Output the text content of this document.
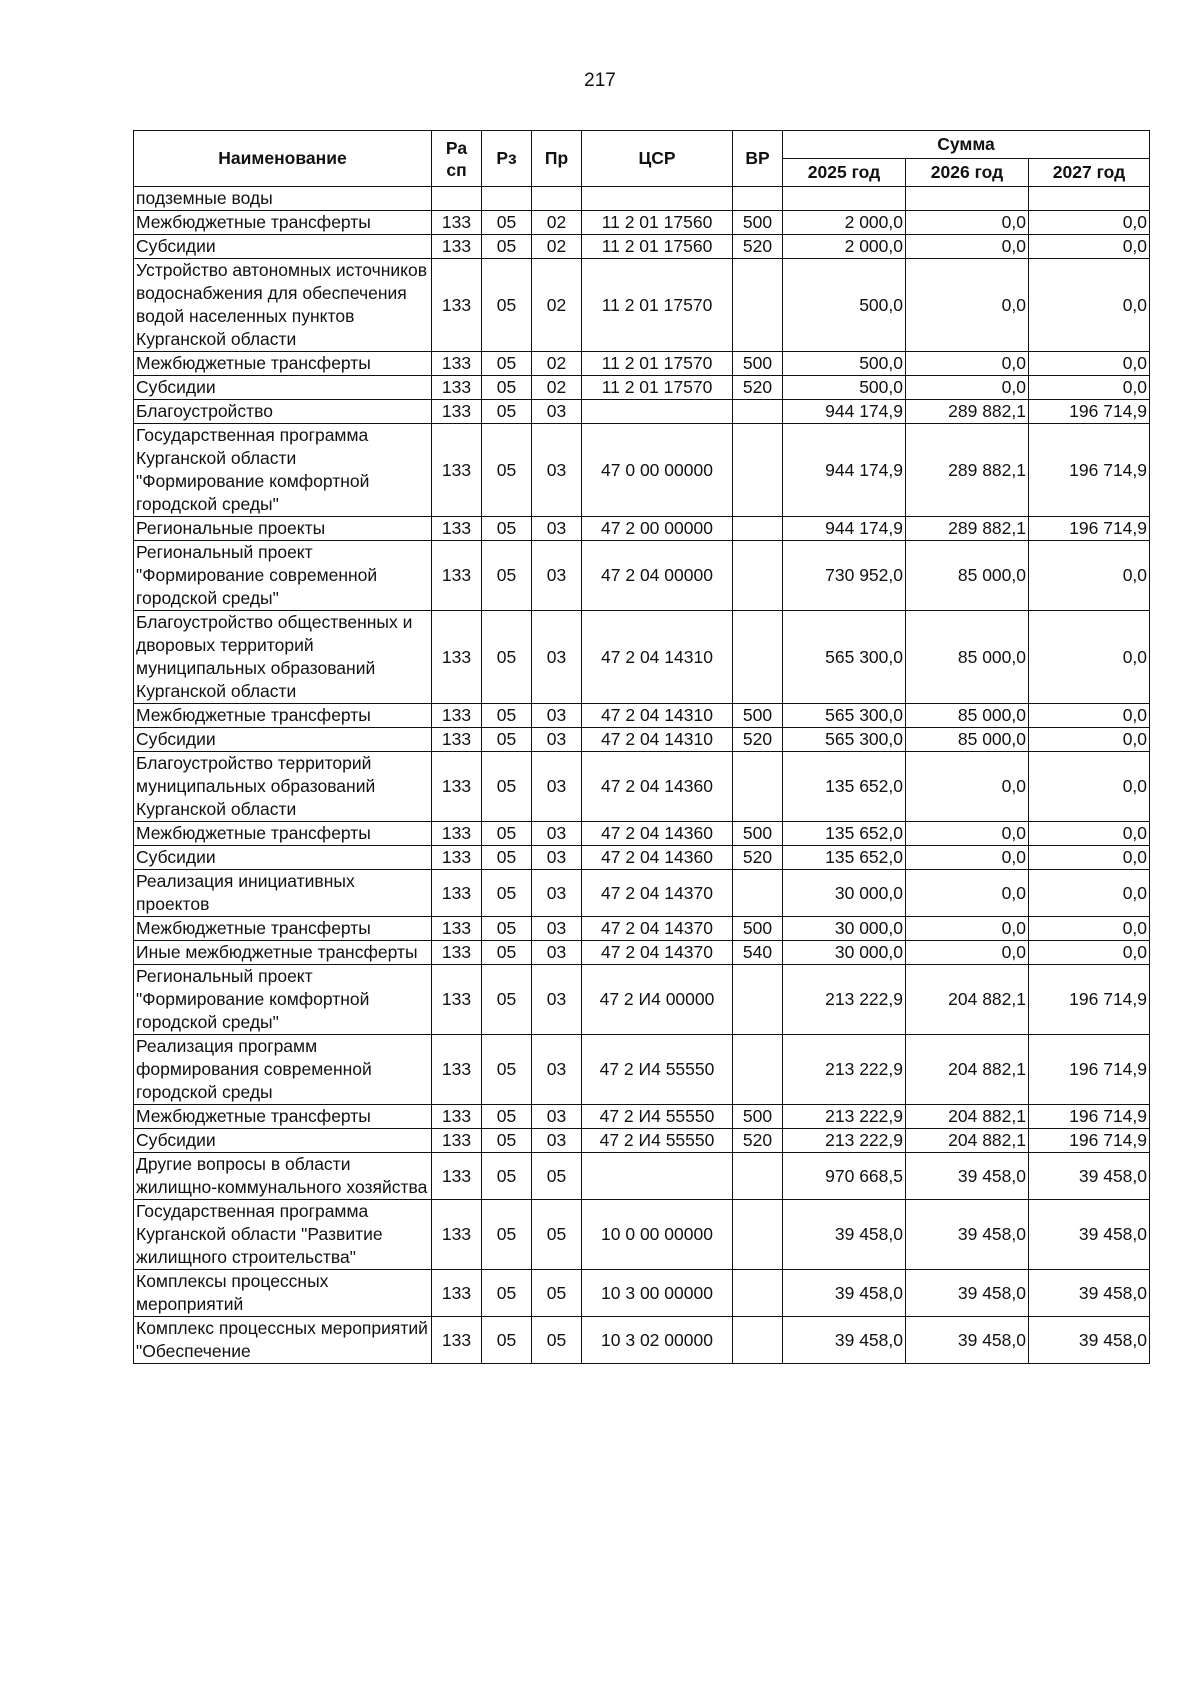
217
Наименование	Ра сп	Рз	Пр	ЦСР	ВР	Сумма		
						2025 год	2026 год	2027 год
подземные воды								
Межбюджетные трансферты	133	05	02	11 2 01 17560	500	2 000,0	0,0	0,0
Субсидии	133	05	02	11 2 01 17560	520	2 000,0	0,0	0,0
Устройство автономных источников водоснабжения для обеспечения водой населенных пунктов Курганской области	133	05	02	11 2 01 17570		500,0	0,0	0,0
Межбюджетные трансферты	133	05	02	11 2 01 17570	500	500,0	0,0	0,0
Субсидии	133	05	02	11 2 01 17570	520	500,0	0,0	0,0
Благоустройство	133	05	03			944 174,9	289 882,1	196 714,9
Государственная программа Курганской области "Формирование комфортной городской среды"	133	05	03	47 0 00 00000		944 174,9	289 882,1	196 714,9
Региональные проекты	133	05	03	47 2 00 00000		944 174,9	289 882,1	196 714,9
Региональный проект "Формирование современной городской среды"	133	05	03	47 2 04 00000		730 952,0	85 000,0	0,0
Благоустройство общественных и дворовых территорий муниципальных образований Курганской области	133	05	03	47 2 04 14310		565 300,0	85 000,0	0,0
Межбюджетные трансферты	133	05	03	47 2 04 14310	500	565 300,0	85 000,0	0,0
Субсидии	133	05	03	47 2 04 14310	520	565 300,0	85 000,0	0,0
Благоустройство территорий муниципальных образований Курганской области	133	05	03	47 2 04 14360		135 652,0	0,0	0,0
Межбюджетные трансферты	133	05	03	47 2 04 14360	500	135 652,0	0,0	0,0
Субсидии	133	05	03	47 2 04 14360	520	135 652,0	0,0	0,0
Реализация инициативных проектов	133	05	03	47 2 04 14370		30 000,0	0,0	0,0
Межбюджетные трансферты	133	05	03	47 2 04 14370	500	30 000,0	0,0	0,0
Иные межбюджетные трансферты	133	05	03	47 2 04 14370	540	30 000,0	0,0	0,0
Региональный проект "Формирование комфортной городской среды"	133	05	03	47 2 И4 00000		213 222,9	204 882,1	196 714,9
Реализация программ формирования современной городской среды	133	05	03	47 2 И4 55550		213 222,9	204 882,1	196 714,9
Межбюджетные трансферты	133	05	03	47 2 И4 55550	500	213 222,9	204 882,1	196 714,9
Субсидии	133	05	03	47 2 И4 55550	520	213 222,9	204 882,1	196 714,9
Другие вопросы в области жилищно-коммунального хозяйства	133	05	05			970 668,5	39 458,0	39 458,0
Государственная программа Курганской области "Развитие жилищного строительства"	133	05	05	10 0 00 00000		39 458,0	39 458,0	39 458,0
Комплексы процессных мероприятий	133	05	05	10 3 00 00000		39 458,0	39 458,0	39 458,0
Комплекс процессных мероприятий "Обеспечение	133	05	05	10 3 02 00000		39 458,0	39 458,0	39 458,0
